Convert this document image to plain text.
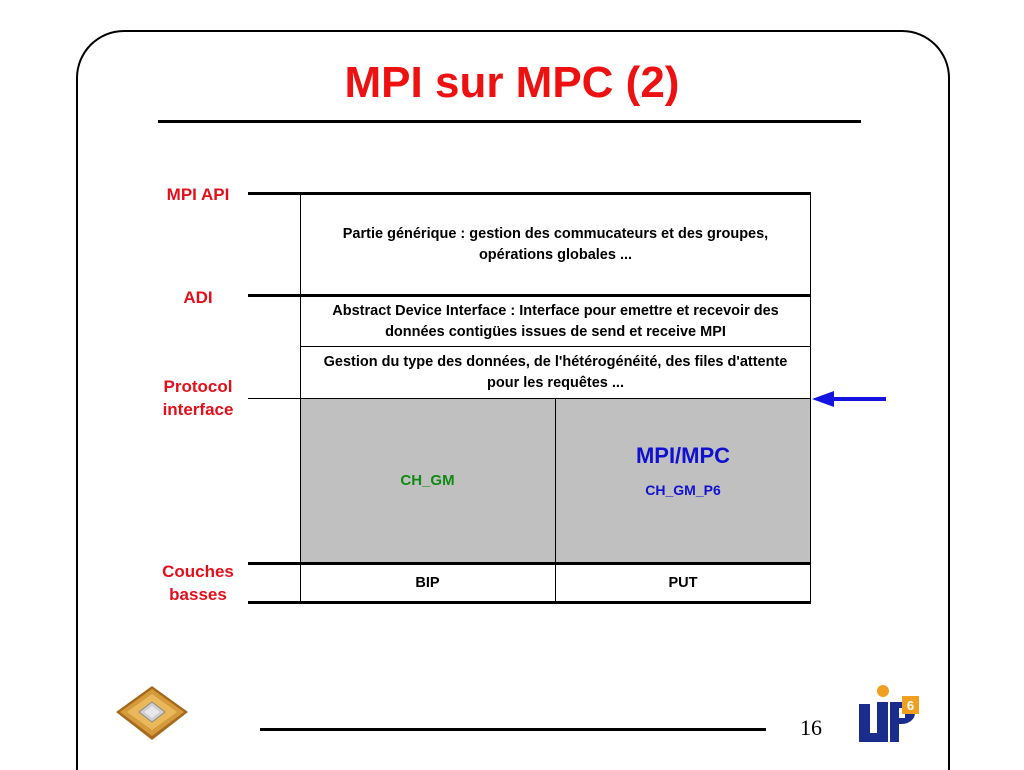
MPI sur MPC (2)
MPI API
ADI
Protocol
interface
Couches
basses
Partie générique : gestion des commucateurs et des groupes, opérations globales ...
Abstract Device Interface : Interface pour emettre et recevoir des données contigües issues de send et receive MPI
Gestion du type des données, de l'hétérogénéité, des files d'attente pour les requêtes ...
CH_GM
MPI/MPC
CH_GM_P6
BIP	PUT
16
6
